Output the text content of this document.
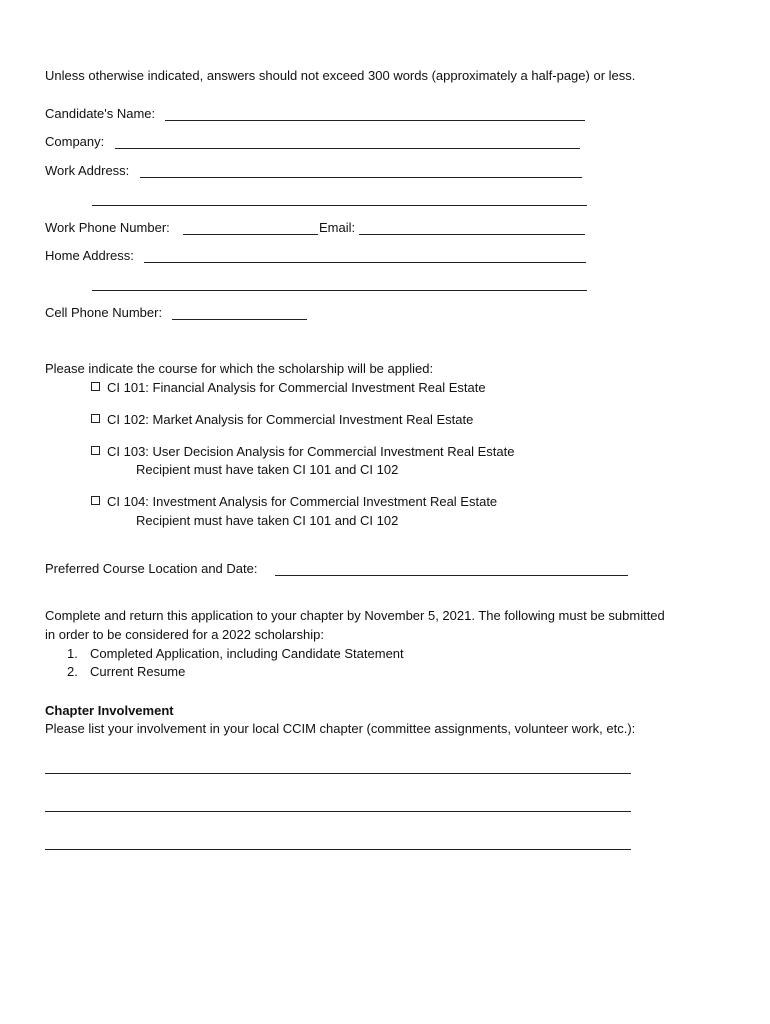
Unless otherwise indicated, answers should not exceed 300 words (approximately a half-page) or less.
Candidate's Name:
Company:
Work Address:
Work Phone Number:	Email:
Home Address:
Cell Phone Number:
Please indicate the course for which the scholarship will be applied:
CI 101: Financial Analysis for Commercial Investment Real Estate
CI 102: Market Analysis for Commercial Investment Real Estate
CI 103: User Decision Analysis for Commercial Investment Real Estate
Recipient must have taken CI 101 and CI 102
CI 104: Investment Analysis for Commercial Investment Real Estate
Recipient must have taken CI 101 and CI 102
Preferred Course Location and Date:
Complete and return this application to your chapter by November 5, 2021. The following must be submitted
in order to be considered for a 2022 scholarship:
1. Completed Application, including Candidate Statement
2. Current Resume
Chapter Involvement
Please list your involvement in your local CCIM chapter (committee assignments, volunteer work, etc.):
